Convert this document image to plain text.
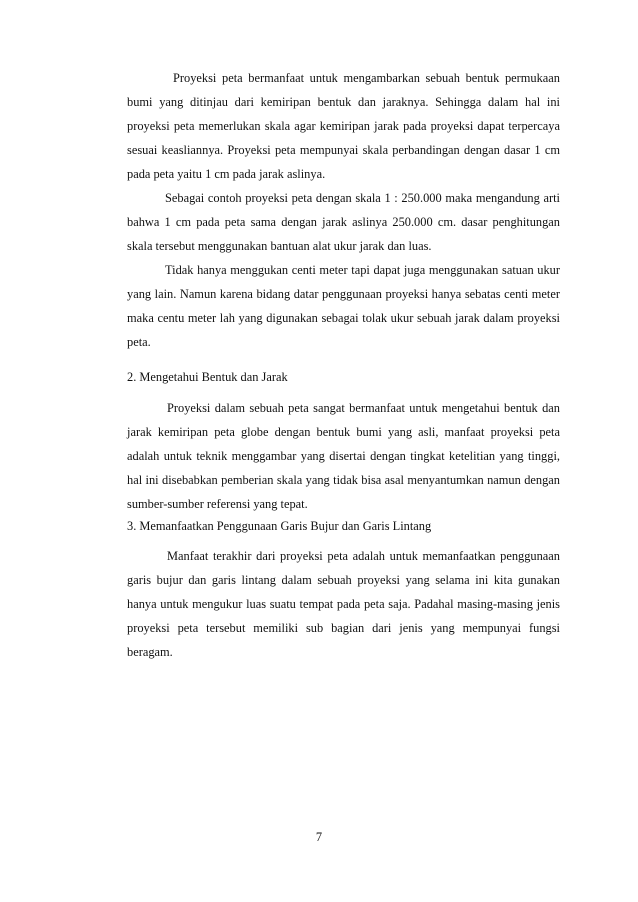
Proyeksi peta bermanfaat untuk mengambarkan sebuah bentuk permukaan bumi yang ditinjau dari kemiripan bentuk dan jaraknya. Sehingga dalam hal ini proyeksi peta memerlukan skala agar kemiripan jarak pada proyeksi dapat terpercaya sesuai keasliannya. Proyeksi peta mempunyai skala perbandingan dengan dasar 1 cm pada peta yaitu 1 cm pada jarak aslinya.

Sebagai contoh proyeksi peta dengan skala 1 : 250.000 maka mengandung arti bahwa 1 cm pada peta sama dengan jarak aslinya 250.000 cm. dasar penghitungan skala tersebut menggunakan bantuan alat ukur jarak dan luas.

Tidak hanya menggukan centi meter tapi dapat juga menggunakan satuan ukur yang lain. Namun karena bidang datar penggunaan proyeksi hanya sebatas centi meter maka centu meter lah yang digunakan sebagai tolak ukur sebuah jarak dalam proyeksi peta.

2. Mengetahui Bentuk dan Jarak

Proyeksi dalam sebuah peta sangat bermanfaat untuk mengetahui bentuk dan jarak kemiripan peta globe dengan bentuk bumi yang asli, manfaat proyeksi peta adalah untuk teknik menggambar yang disertai dengan tingkat ketelitian yang tinggi, hal ini disebabkan pemberian skala yang tidak bisa asal menyantumkan namun dengan sumber-sumber referensi yang tepat.

3. Memanfaatkan Penggunaan Garis Bujur dan Garis Lintang

Manfaat terakhir dari proyeksi peta adalah untuk memanfaatkan penggunaan garis bujur dan garis lintang dalam sebuah proyeksi yang selama ini kita gunakan hanya untuk mengukur luas suatu tempat pada peta saja. Padahal masing-masing jenis proyeksi peta tersebut memiliki sub bagian dari jenis yang mempunyai fungsi beragam.

7
